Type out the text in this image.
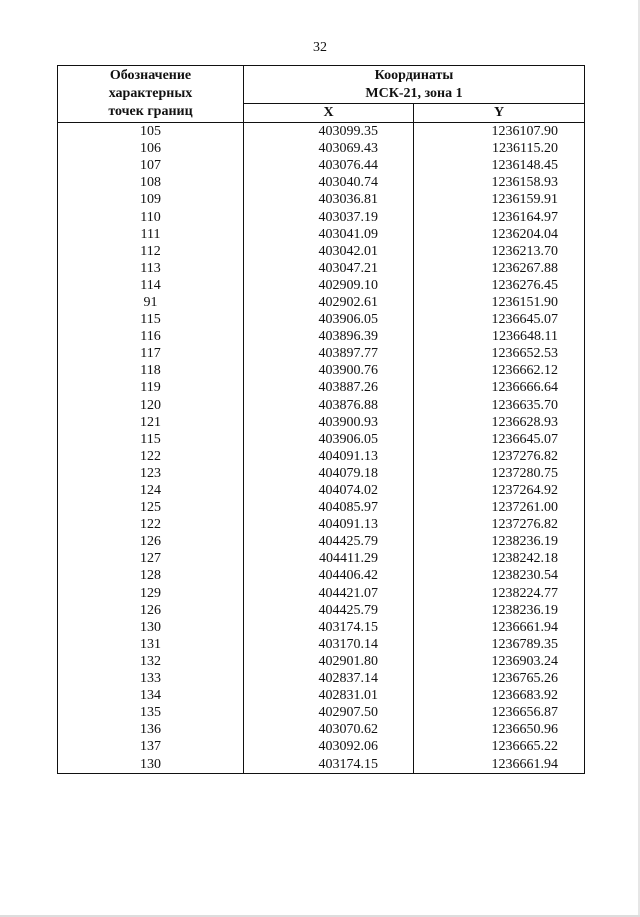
32
Обозначение
характерных
точек границ	Координаты
МСК-21, зона 1	
	X	Y
105	403099.35	1236107.90
106	403069.43	1236115.20
107	403076.44	1236148.45
108	403040.74	1236158.93
109	403036.81	1236159.91
110	403037.19	1236164.97
111	403041.09	1236204.04
112	403042.01	1236213.70
113	403047.21	1236267.88
114	402909.10	1236276.45
91	402902.61	1236151.90
115	403906.05	1236645.07
116	403896.39	1236648.11
117	403897.77	1236652.53
118	403900.76	1236662.12
119	403887.26	1236666.64
120	403876.88	1236635.70
121	403900.93	1236628.93
115	403906.05	1236645.07
122	404091.13	1237276.82
123	404079.18	1237280.75
124	404074.02	1237264.92
125	404085.97	1237261.00
122	404091.13	1237276.82
126	404425.79	1238236.19
127	404411.29	1238242.18
128	404406.42	1238230.54
129	404421.07	1238224.77
126	404425.79	1238236.19
130	403174.15	1236661.94
131	403170.14	1236789.35
132	402901.80	1236903.24
133	402837.14	1236765.26
134	402831.01	1236683.92
135	402907.50	1236656.87
136	403070.62	1236650.96
137	403092.06	1236665.22
130	403174.15	1236661.94
